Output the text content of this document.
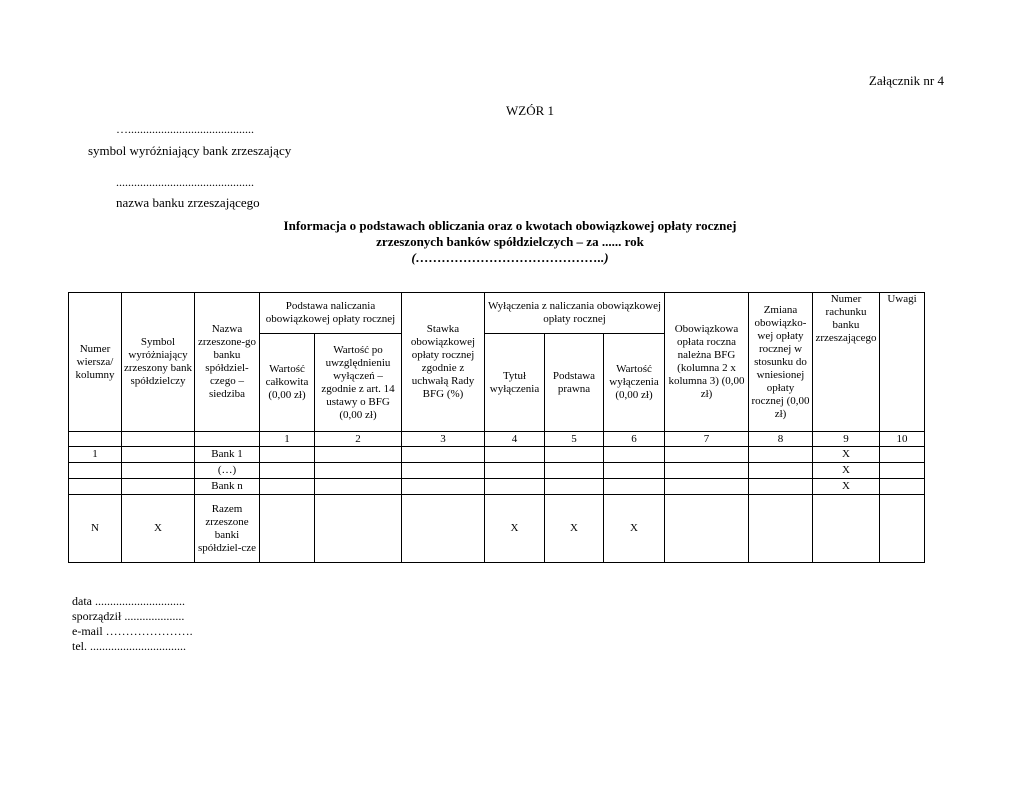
Załącznik nr 4
WZÓR 1
…..........................................
symbol wyróżniający bank zrzeszający
..............................................
nazwa banku zrzeszającego
Informacja o podstawach obliczania oraz o kwotach obowiązkowej opłaty rocznej
zrzeszonych banków spółdzielczych – za ...... rok
(……………………………………..)
Numer wiersza/ kolumny	Symbol wyróżniający zrzeszony bank spółdzielczy	Nazwa zrzeszone-go banku spółdziel-czego – siedziba	Podstawa naliczania obowiązkowej opłaty rocznej		Stawka obowiązkowej opłaty rocznej zgodnie z uchwałą Rady BFG (%)	Wyłączenia z naliczania obowiązkowej opłaty rocznej			Obowiązkowa opłata roczna należna BFG (kolumna 2 x kolumna 3) (0,00 zł)	Zmiana obowiązko-wej opłaty rocznej w stosunku do wniesionej opłaty rocznej (0,00 zł)	Numer rachunku banku zrzeszającego	Uwagi
			Wartość całkowita (0,00 zł)	Wartość po uwzględnieniu wyłączeń – zgodnie z art. 14 ustawy o BFG (0,00 zł)		Tytuł wyłączenia	Podstawa prawna	Wartość wyłączenia (0,00 zł)				
			1	2	3	4	5	6	7	8	9	10
1		Bank 1									X	
		(…)									X	
		Bank n									X	
N	X	Razem zrzeszone banki spółdziel-cze				X	X	X				
data ..............................
sporządził ....................
e-mail ………………….
tel. ................................
